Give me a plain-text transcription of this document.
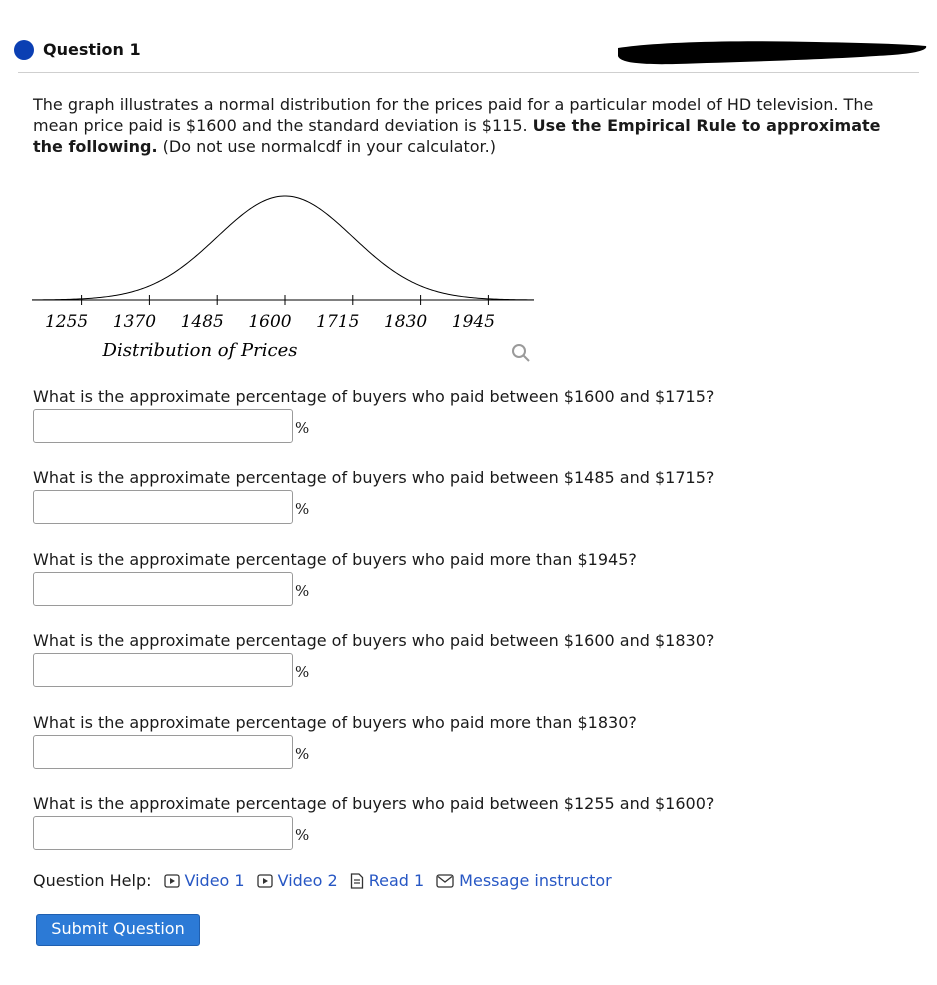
Question 1
The graph illustrates a normal distribution for the prices paid for a particular model of HD television. The mean price paid is $1600 and the standard deviation is $115. Use the Empirical Rule to approximate the following. (Do not use normalcdf in your calculator.)
1255 1370 1485 1600 1715 1830 1945
Distribution of Prices
What is the approximate percentage of buyers who paid between $1600 and $1715?
%
What is the approximate percentage of buyers who paid between $1485 and $1715?
%
What is the approximate percentage of buyers who paid more than $1945?
%
What is the approximate percentage of buyers who paid between $1600 and $1830?
%
What is the approximate percentage of buyers who paid more than $1830?
%
What is the approximate percentage of buyers who paid between $1255 and $1600?
%
Question Help: Video 1 Video 2 Read 1 Message instructor
Submit Question
